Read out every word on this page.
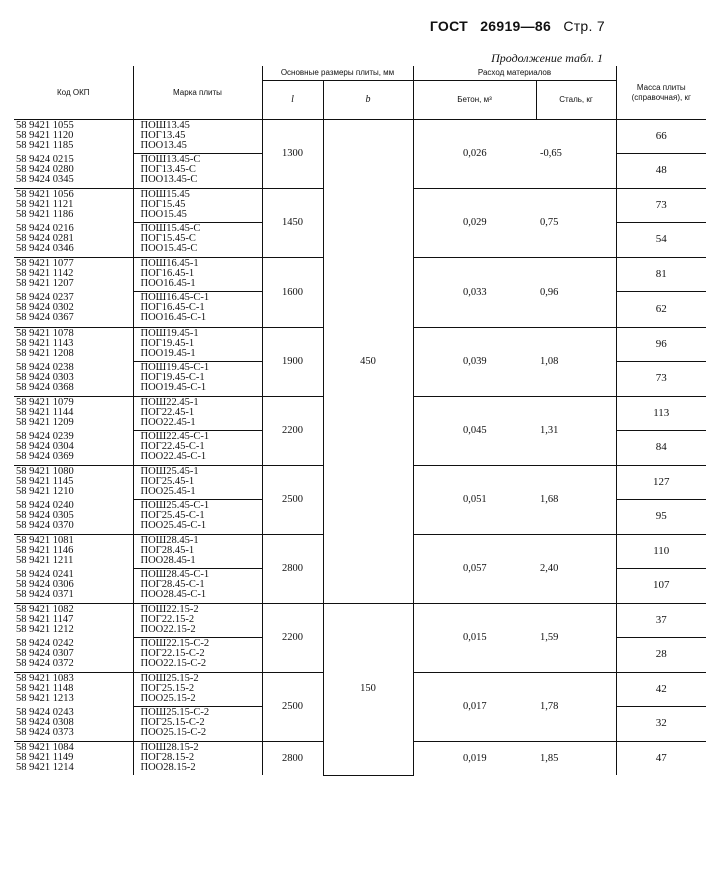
ГОСТ 26919—86 Стр. 7
Продолжение табл. 1
Код ОКП	Марка плиты	Основные размеры плиты, мм		Расход материалов		Масса плиты (справочная), кг
		l	b	Бетон, м³	Сталь, кг	

58 9421 1055
58 9421 1120
58 9421 1185	ПОШ13.45
ПОГ13.45
ПОО13.45	1300	450	0,026	-0,65	66

58 9424 0215
58 9424 0280
58 9424 0345	ПОШ13.45-С
ПОГ13.45-С
ПОО13.45-С					48

58 9421 1056
58 9421 1121
58 9421 1186	ПОШ15.45
ПОГ15.45
ПОО15.45	1450		0,029	0,75	73

58 9424 0216
58 9424 0281
58 9424 0346	ПОШ15.45-С
ПОГ15.45-С
ПОО15.45-С					54

58 9421 1077
58 9421 1142
58 9421 1207	ПОШ16.45-1
ПОГ16.45-1
ПОО16.45-1	1600		0,033	0,96	81

58 9424 0237
58 9424 0302
58 9424 0367	ПОШ16.45-С-1
ПОГ16.45-С-1
ПОО16.45-С-1					62

58 9421 1078
58 9421 1143
58 9421 1208	ПОШ19.45-1
ПОГ19.45-1
ПОО19.45-1	1900		0,039	1,08	96

58 9424 0238
58 9424 0303
58 9424 0368	ПОШ19.45-С-1
ПОГ19.45-С-1
ПОО19.45-С-1					73

58 9421 1079
58 9421 1144
58 9421 1209	ПОШ22.45-1
ПОГ22.45-1
ПОО22.45-1	2200		0,045	1,31	113

58 9424 0239
58 9424 0304
58 9424 0369	ПОШ22.45-С-1
ПОГ22.45-С-1
ПОО22.45-С-1					84

58 9421 1080
58 9421 1145
58 9421 1210	ПОШ25.45-1
ПОГ25.45-1
ПОО25.45-1	2500		0,051	1,68	127

58 9424 0240
58 9424 0305
58 9424 0370	ПОШ25.45-С-1
ПОГ25.45-С-1
ПОО25.45-С-1					95

58 9421 1081
58 9421 1146
58 9421 1211	ПОШ28.45-1
ПОГ28.45-1
ПОО28.45-1	2800		0,057	2,40	110

58 9424 0241
58 9424 0306
58 9424 0371	ПОШ28.45-С-1
ПОГ28.45-С-1
ПОО28.45-С-1					107

58 9421 1082
58 9421 1147
58 9421 1212	ПОШ22.15-2
ПОГ22.15-2
ПОО22.15-2	2200	150	0,015	1,59	37

58 9424 0242
58 9424 0307
58 9424 0372	ПОШ22.15-С-2
ПОГ22.15-С-2
ПОО22.15-С-2					28

58 9421 1083
58 9421 1148
58 9421 1213	ПОШ25.15-2
ПОГ25.15-2
ПОО25.15-2	2500		0,017	1,78	42

58 9424 0243
58 9424 0308
58 9424 0373	ПОШ25.15-С-2
ПОГ25.15-С-2
ПОО25.15-С-2					32

58 9421 1084
58 9421 1149
58 9421 1214	ПОШ28.15-2
ПОГ28.15-2
ПОО28.15-2	2800		0,019	1,85	47
